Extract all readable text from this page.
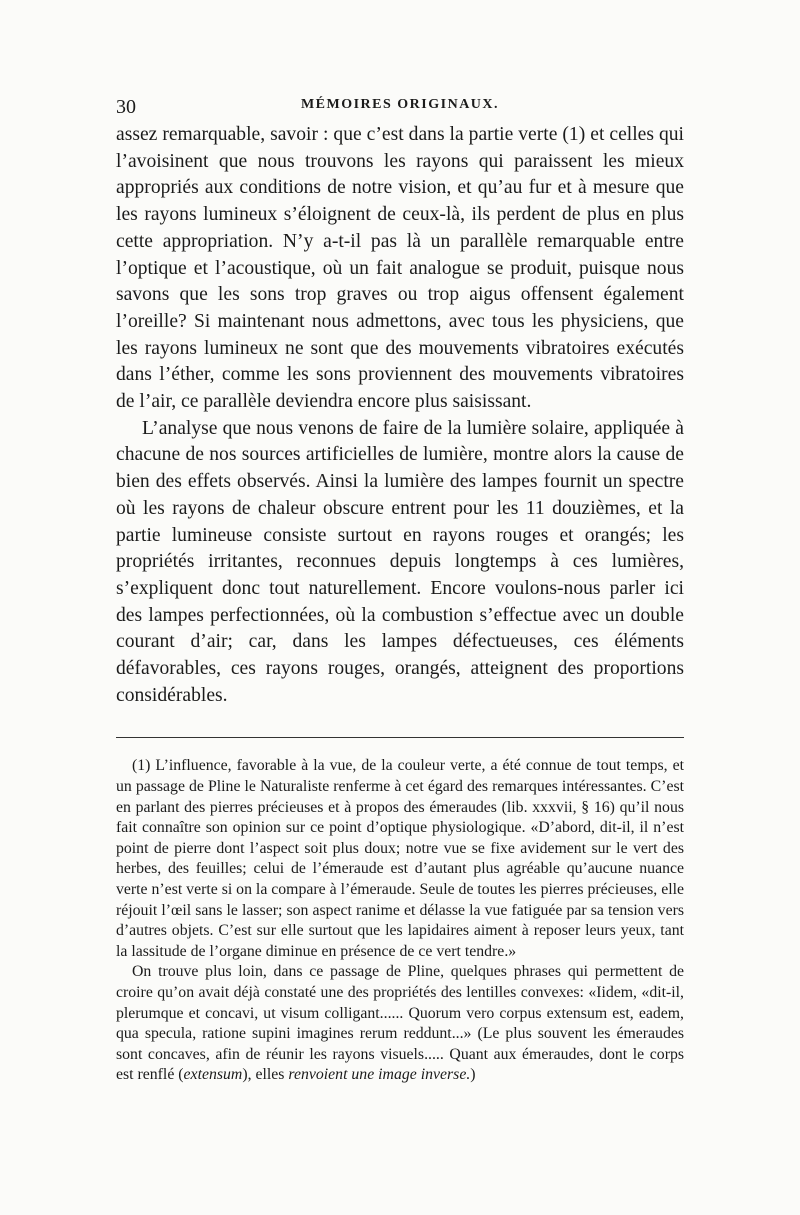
30	MÉMOIRES ORIGINAUX.

assez remarquable, savoir : que c’est dans la partie verte (1) et celles qui l’avoisinent que nous trouvons les rayons qui paraissent les mieux appropriés aux conditions de notre vision, et qu’au fur et à mesure que les rayons lumineux s’éloignent de ceux-là, ils perdent de plus en plus cette appropriation. N’y a-t-il pas là un parallèle remarquable entre l’optique et l’acoustique, où un fait analogue se produit, puisque nous savons que les sons trop graves ou trop aigus offensent également l’oreille? Si maintenant nous admettons, avec tous les physiciens, que les rayons lumineux ne sont que des mouvements vibratoires exécutés dans l’éther, comme les sons proviennent des mouvements vibratoires de l’air, ce parallèle deviendra encore plus saisissant.

L’analyse que nous venons de faire de la lumière solaire, appliquée à chacune de nos sources artificielles de lumière, montre alors la cause de bien des effets observés. Ainsi la lumière des lampes fournit un spectre où les rayons de chaleur obscure entrent pour les 11 douzièmes, et la partie lumineuse consiste surtout en rayons rouges et orangés; les propriétés irritantes, reconnues depuis longtemps à ces lumières, s’expliquent donc tout naturellement. Encore voulons-nous parler ici des lampes perfectionnées, où la combustion s’effectue avec un double courant d’air; car, dans les lampes défectueuses, ces éléments défavorables, ces rayons rouges, orangés, atteignent des proportions considérables.

(1) L’influence, favorable à la vue, de la couleur verte, a été connue de tout temps, et un passage de Pline le Naturaliste renferme à cet égard des remarques intéressantes. C’est en parlant des pierres précieuses et à propos des émeraudes (lib. xxxvii, § 16) qu’il nous fait connaître son opinion sur ce point d’optique physiologique. «D’abord, dit-il, il n’est point de pierre dont l’aspect soit plus doux; notre vue se fixe avidement sur le vert des herbes, des feuilles; celui de l’émeraude est d’autant plus agréable qu’aucune nuance verte n’est verte si on la compare à l’émeraude. Seule de toutes les pierres précieuses, elle réjouit l’œil sans le lasser; son aspect ranime et délasse la vue fatiguée par sa tension vers d’autres objets. C’est sur elle surtout que les lapidaires aiment à reposer leurs yeux, tant la lassitude de l’organe diminue en présence de ce vert tendre.»

On trouve plus loin, dans ce passage de Pline, quelques phrases qui permettent de croire qu’on avait déjà constaté une des propriétés des lentilles convexes: «Iidem, «dit-il, plerumque et concavi, ut visum colligant...... Quorum vero corpus extensum est, eadem, qua specula, ratione supini imagines rerum reddunt...» (Le plus souvent les émeraudes sont concaves, afin de réunir les rayons visuels..... Quant aux émeraudes, dont le corps est renflé (extensum), elles renvoient une image inverse.)
